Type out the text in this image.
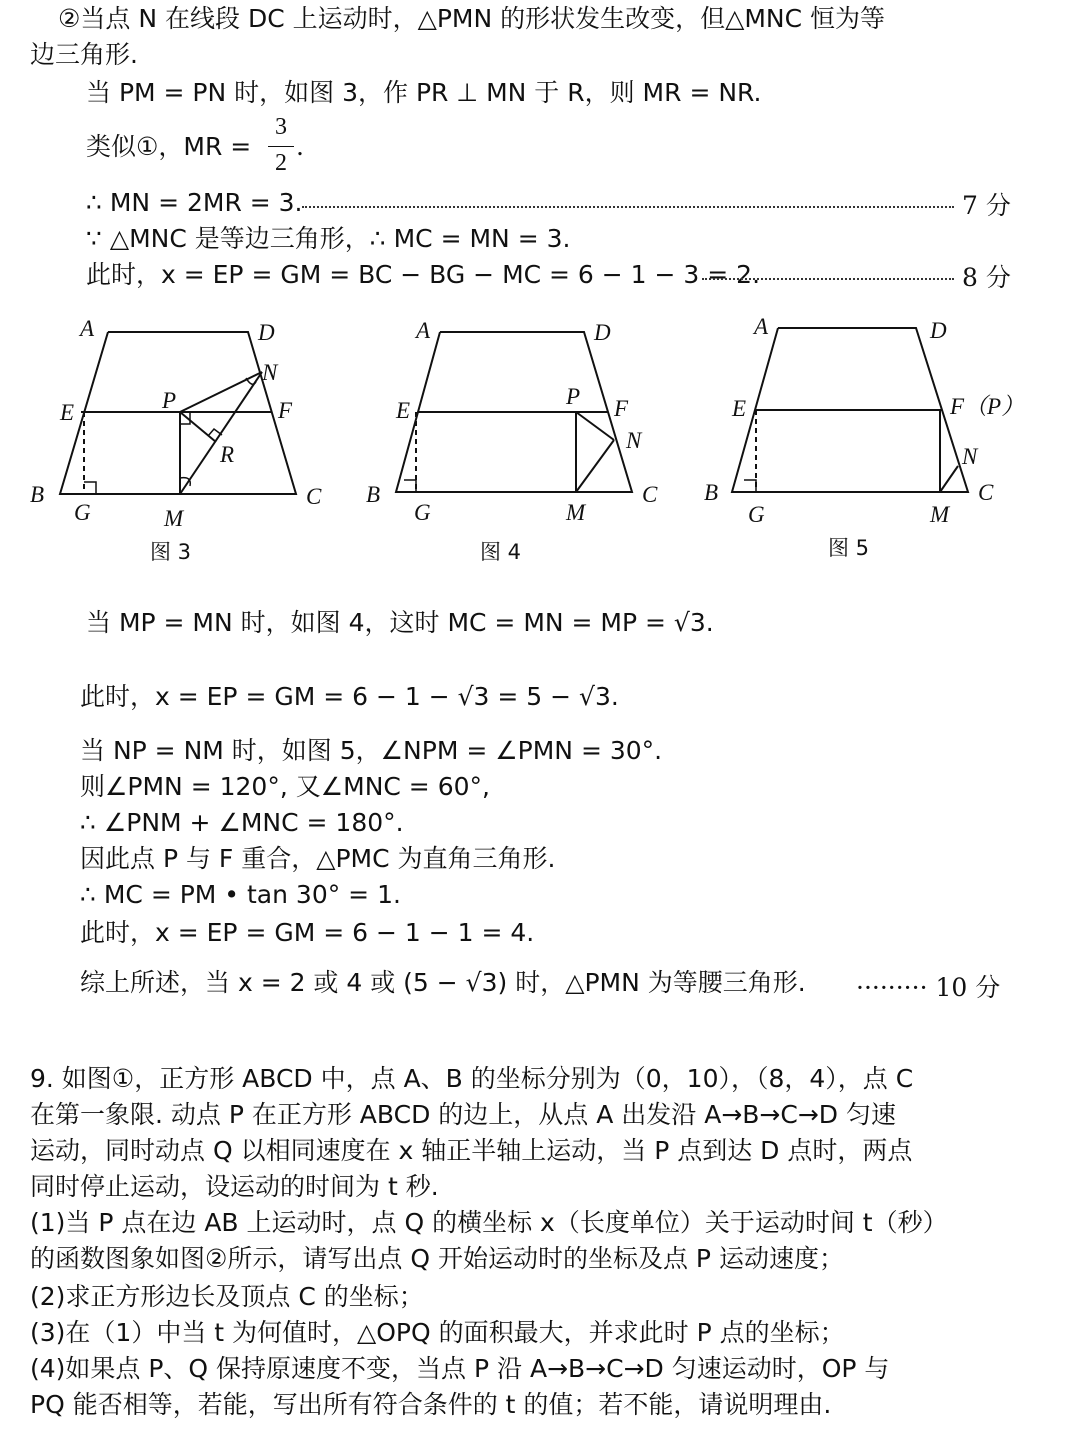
②当点 N 在线段 DC 上运动时，△PMN 的形状发生改变，但△MNC 恒为等
边三角形.
当 PM = PN 时，如图 3，作 PR ⊥ MN 于 R，则 MR = NR.
类似①，MR =
3
2
.
∴ MN = 2MR = 3.	7 分
∵ △MNC 是等边三角形，∴ MC = MN = 3.
此时，x = EP = GM = BC − BG − MC = 6 − 1 − 3 = 2.	8 分
A	D
E	F
B	C
G	M
P
N
R
图 3
A	D
E	F
B	C
G	M
P
N
图 4
A	D
E	F（P）
B	C
G	M
N
图 5
当 MP = MN 时，如图 4，这时 MC = MN = MP = √3.
此时，x = EP = GM = 6 − 1 − √3 = 5 − √3.
当 NP = NM 时，如图 5，∠NPM = ∠PMN = 30°.
则∠PMN = 120°, 又∠MNC = 60°,
∴ ∠PNM + ∠MNC = 180°.
因此点 P 与 F 重合，△PMC 为直角三角形.
∴ MC = PM • tan 30° = 1.
此时，x = EP = GM = 6 − 1 − 1 = 4.
综上所述，当 x = 2 或 4 或 (5 − √3) 时，△PMN 为等腰三角形. ········· 10 分
9. 如图①，正方形 ABCD 中，点 A、B 的坐标分别为（0，10），（8，4），点 C
在第一象限. 动点 P 在正方形 ABCD 的边上，从点 A 出发沿 A→B→C→D 匀速
运动，同时动点 Q 以相同速度在 x 轴正半轴上运动，当 P 点到达 D 点时，两点
同时停止运动，设运动的时间为 t 秒.
(1)当 P 点在边 AB 上运动时，点 Q 的横坐标 x（长度单位）关于运动时间 t（秒）
的函数图象如图②所示，请写出点 Q 开始运动时的坐标及点 P 运动速度；
(2)求正方形边长及顶点 C 的坐标；
(3)在（1）中当 t 为何值时，△OPQ 的面积最大，并求此时 P 点的坐标；
(4)如果点 P、Q 保持原速度不变，当点 P 沿 A→B→C→D 匀速运动时，OP 与
PQ 能否相等，若能，写出所有符合条件的 t 的值；若不能，请说明理由.
